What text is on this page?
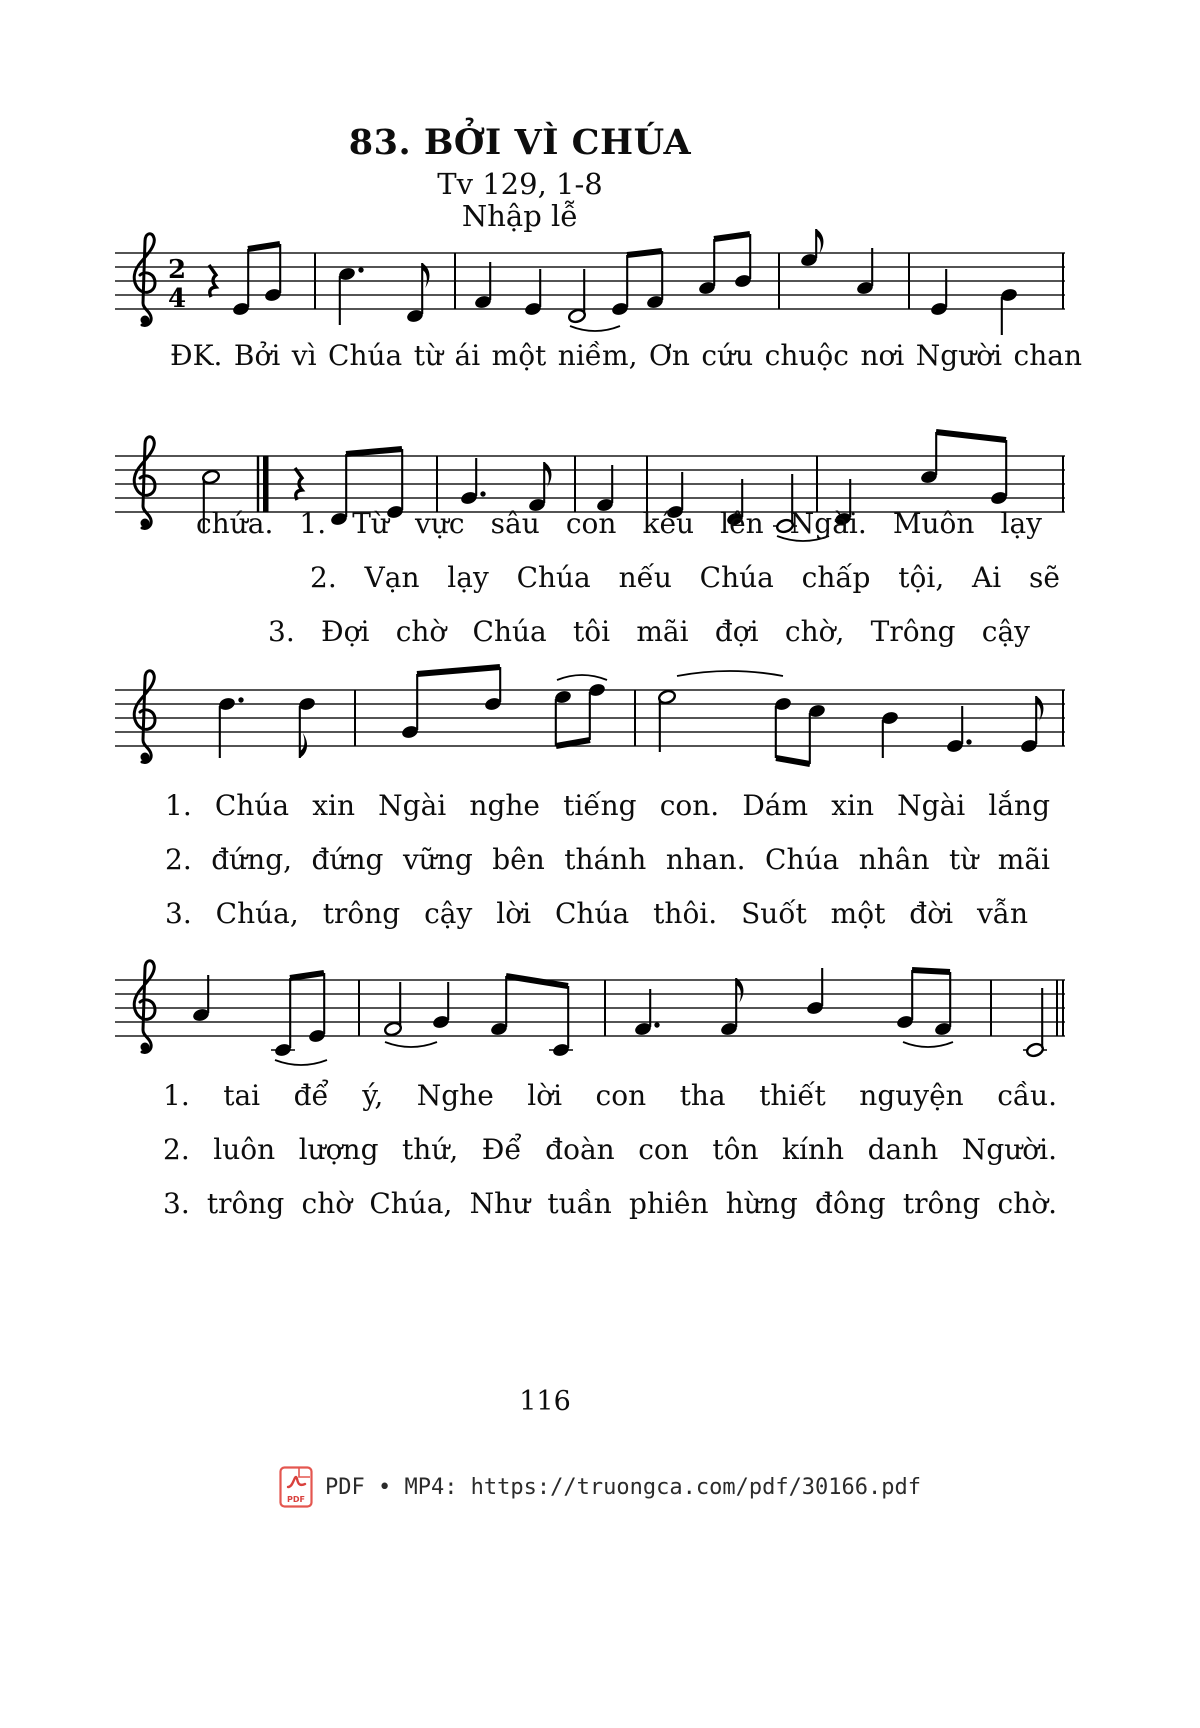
83. BỞI VÌ CHÚA
Tv 129, 1-8
Nhập lễ
2
4
ĐK. Bởi vì Chúa từ ái một niềm, Ơn cứu chuộc nơi Người chan
chứa. 1. Từ vực sâu con kêu lên Ngài. Muôn lạy
2. Vạn lạy Chúa nếu Chúa chấp tội, Ai sẽ
3. Đợi chờ Chúa tôi mãi đợi chờ, Trông cậy
1. Chúa xin Ngài nghe tiếng con. Dám xin Ngài lắng
2. đứng, đứng vững bên thánh nhan. Chúa nhân từ mãi
3. Chúa, trông cậy lời Chúa thôi. Suốt một đời vẫn
1. tai để ý, Nghe lời con tha thiết nguyện cầu.
2. luôn lượng thứ, Để đoàn con tôn kính danh Người.
3. trông chờ Chúa, Như tuần phiên hừng đông trông chờ.
116
PDF PDF • MP4: https://truongca.com/pdf/30166.pdf
